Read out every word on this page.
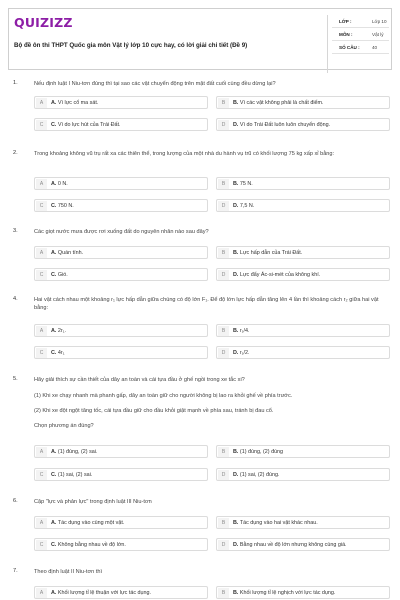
QUIZIZZ
Bộ đề ôn thi THPT Quốc gia môn Vật lý lớp 10 cực hay, có lời giải chi tiết (Đề 9)
LỚP :	Lớp 10
MÔN :	Vật lý
SỐ CÂU :	40
1.	Nếu định luật I Niu-tơn đúng thì tại sao các vật chuyển động trên mặt đất cuối cùng đều dừng lại?
A	A. Vì lực cổ ma sát.	B	B. Vì các vật không phải là chất điểm.
C	C. Vì do lực hút của Trái Đất.	D	D. Vì do Trái Đất luôn luôn chuyển động.
2.	Trong khoảng không vũ trụ rất xa các thiên thể, trong lượng của một nhà du hành vụ trũ có khối lượng 75 kg xấp xỉ bằng:
A	A. 0 N.	B	B. 75 N.
C	C. 750 N.	D	D. 7,5 N.
3.	Các giọt nước mưa được rơi xuống đất do nguyên nhân nào sau đây?
A	A. Quán tính.	B	B. Lực hấp dẫn của Trái Đất.
C	C. Gió.	D	D. Lực đẩy Ác-si-mét của không khí.
4.	Hai vật cách nhau một khoảng r₁ lực hấp dẫn giữa chúng có độ lớn F₁. Để độ lớn lực hấp dẫn tăng lên 4 lần thì khoảng cách r₂ giữa hai vật bằng:
A	A. 2r₁.	B	B. r₁/4.
C	C. 4r₁	D	D. r₁/2.
5.	Hãy giải thích sự cần thiết của dây an toàn và cái tựa đầu ở ghế ngồi trong xe tắc xi?
(1) Khi xe chạy nhanh mà phanh gấp, dây an toàn giữ cho người không bị lao ra khỏi ghế về phía trước.
(2) Khi xe đột ngột tăng tốc, cái tựa đầu giữ cho đầu khỏi giật mạnh về phía sau, tránh bị đau cổ.
Chọn phương án đúng?
A	A. (1) đúng, (2) sai.	B	B. (1) đúng, (2) đúng
C	C. (1) sai, (2) sai.	D	D. (1) sai, (2) đúng.
6.	Cặp "lực và phản lực" trong định luật III Niu-tơn
A	A. Tác dụng vào cùng một vật.	B	B. Tác dụng vào hai vật khác nhau.
C	C. Không bằng nhau về độ lớn.	D	D. Bằng nhau về độ lớn nhưng không cùng giá.
7.	Theo định luật II Niu-tơn thì
A	A. Khối lượng tỉ lệ thuận với lực tác dụng.	B	B. Khối lượng tỉ lệ nghịch với lực tác dụng.
